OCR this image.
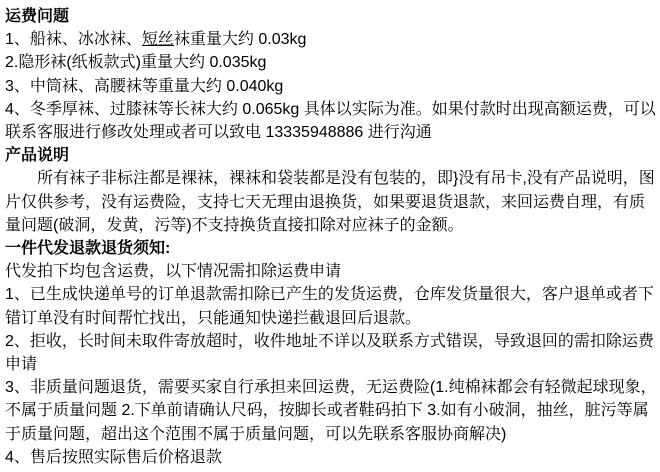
运费问题

1、船袜、冰冰袜、短丝袜重量大约 0.03kg

2.隐形袜(纸板款式)重量大约 0.035kg

3、中筒袜、高腰袜等重量大约 0.040kg

4、冬季厚袜、过膝袜等长袜大约 0.065kg 具体以实际为准。如果付款时出现高额运费，可以联系客服进行修改处理或者可以致电 13335948886 进行沟通

产品说明

所有袜子非标注都是裸袜，裸袜和袋装都是没有包装的，即}没有吊卡,没有产品说明，图片仅供参考，没有运费险，支持七天无理由退换货，如果要退货退款，来回运费自理，有质量问题(破洞，发黄，污等)不支持换货直接扣除对应袜子的金额。

一件代发退款退货须知:

代发拍下均包含运费，以下情况需扣除运费申请

1、已生成快递单号的订单退款需扣除已产生的发货运费，仓库发货量很大，客户退单或者下错订单没有时间帮忙找出，只能通知快递拦截退回后退款。

2、拒收，长时间未取件寄放超时，收件地址不详以及联系方式错误，导致退回的需扣除运费申请

3、非质量问题退货，需要买家自行承担来回运费，无运费险(1.纯棉袜都会有轻微起球现象，不属于质量问题 2.下单前请确认尺码，按脚长或者鞋码拍下 3.如有小破洞，抽丝，脏污等属于质量问题，超出这个范围不属于质量问题，可以先联系客服协商解决)

4、售后按照实际售后价格退款
